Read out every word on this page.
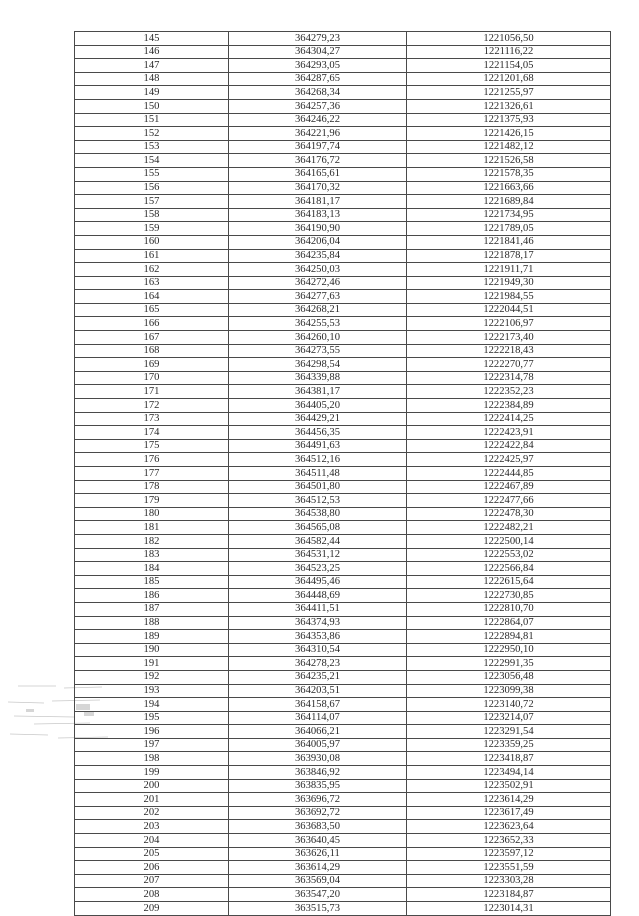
145	364279,23	1221056,50
146	364304,27	1221116,22
147	364293,05	1221154,05
148	364287,65	1221201,68
149	364268,34	1221255,97
150	364257,36	1221326,61
151	364246,22	1221375,93
152	364221,96	1221426,15
153	364197,74	1221482,12
154	364176,72	1221526,58
155	364165,61	1221578,35
156	364170,32	1221663,66
157	364181,17	1221689,84
158	364183,13	1221734,95
159	364190,90	1221789,05
160	364206,04	1221841,46
161	364235,84	1221878,17
162	364250,03	1221911,71
163	364272,46	1221949,30
164	364277,63	1221984,55
165	364268,21	1222044,51
166	364255,53	1222106,97
167	364260,10	1222173,40
168	364273,55	1222218,43
169	364298,54	1222270,77
170	364339,88	1222314,78
171	364381,17	1222352,23
172	364405,20	1222384,89
173	364429,21	1222414,25
174	364456,35	1222423,91
175	364491,63	1222422,84
176	364512,16	1222425,97
177	364511,48	1222444,85
178	364501,80	1222467,89
179	364512,53	1222477,66
180	364538,80	1222478,30
181	364565,08	1222482,21
182	364582,44	1222500,14
183	364531,12	1222553,02
184	364523,25	1222566,84
185	364495,46	1222615,64
186	364448,69	1222730,85
187	364411,51	1222810,70
188	364374,93	1222864,07
189	364353,86	1222894,81
190	364310,54	1222950,10
191	364278,23	1222991,35
192	364235,21	1223056,48
193	364203,51	1223099,38
194	364158,67	1223140,72
195	364114,07	1223214,07
196	364066,21	1223291,54
197	364005,97	1223359,25
198	363930,08	1223418,87
199	363846,92	1223494,14
200	363835,95	1223502,91
201	363696,72	1223614,29
202	363692,72	1223617,49
203	363683,50	1223623,64
204	363640,45	1223652,33
205	363626,11	1223597,12
206	363614,29	1223551,59
207	363569,04	1223303,28
208	363547,20	1223184,87
209	363515,73	1223014,31
